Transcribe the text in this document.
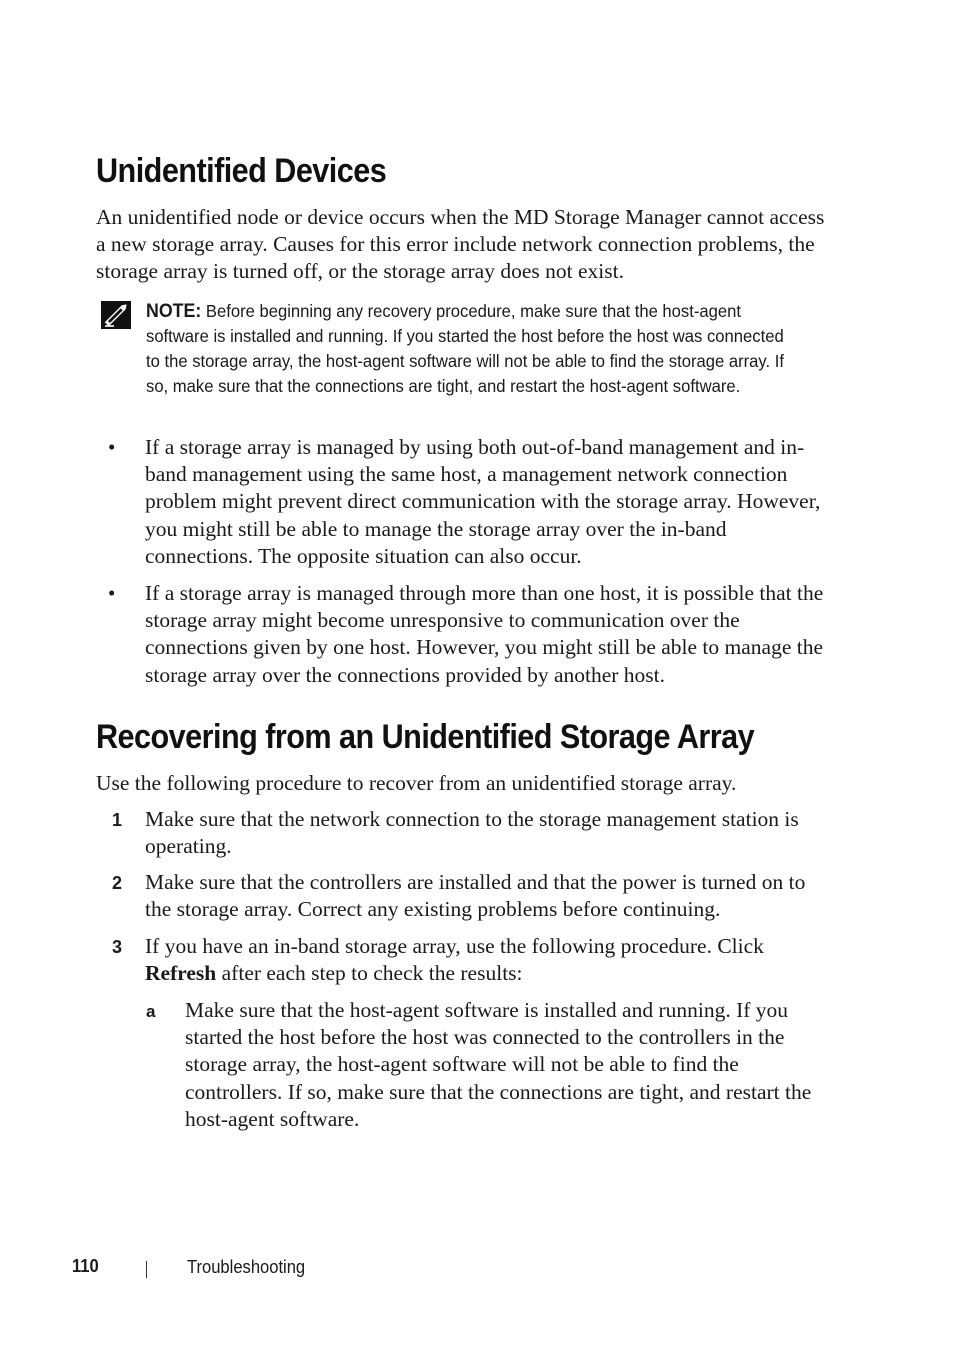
Unidentified Devices

An unidentified node or device occurs when the MD Storage Manager cannot access a new storage array. Causes for this error include network connection problems, the storage array is turned off, or the storage array does not exist.

NOTE: Before beginning any recovery procedure, make sure that the host-agent software is installed and running. If you started the host before the host was connected to the storage array, the host-agent software will not be able to find the storage array. If so, make sure that the connections are tight, and restart the host-agent software.

• If a storage array is managed by using both out-of-band management and in-band management using the same host, a management network connection problem might prevent direct communication with the storage array. However, you might still be able to manage the storage array over the in-band connections. The opposite situation can also occur.

• If a storage array is managed through more than one host, it is possible that the storage array might become unresponsive to communication over the connections given by one host. However, you might still be able to manage the storage array over the connections provided by another host.

Recovering from an Unidentified Storage Array

Use the following procedure to recover from an unidentified storage array.

1 Make sure that the network connection to the storage management station is operating.

2 Make sure that the controllers are installed and that the power is turned on to the storage array. Correct any existing problems before continuing.

3 If you have an in-band storage array, use the following procedure. Click Refresh after each step to check the results:

a Make sure that the host-agent software is installed and running. If you started the host before the host was connected to the controllers in the storage array, the host-agent software will not be able to find the controllers. If so, make sure that the connections are tight, and restart the host-agent software.

110	Troubleshooting
